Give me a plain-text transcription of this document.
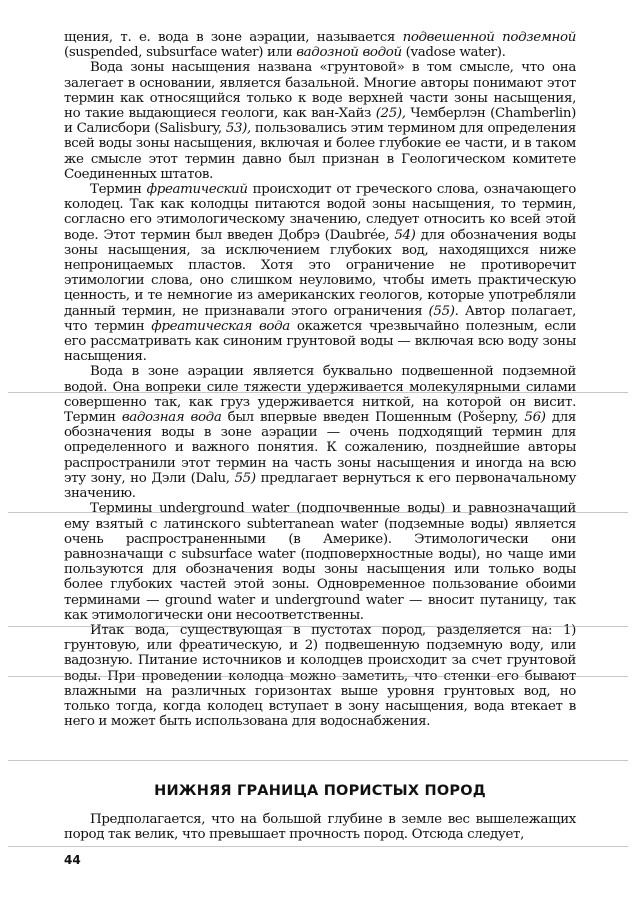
щения, т. е. вода в зоне аэрации, называется подвешенной подземной (suspended, subsurface water) или вадозной водой (vadose water).

Вода зоны насыщения названа «грунтовой» в том смысле, что она залегает в основании, является базальной. Многие авторы понимают этот термин как относящийся только к воде верхней части зоны насыщения, но такие выдающиеся геологи, как ван-Хайз (25), Чемберлэн (Chamberlin) и Салисбори (Salisbury, 53), пользовались этим термином для определения всей воды зоны насыщения, включая и более глубокие ее части, и в таком же смысле этот термин давно был признан в Геологическом комитете Соединенных штатов.

Термин фреатический происходит от греческого слова, означающего колодец. Так как колодцы питаются водой зоны насыщения, то термин, согласно его этимологическому значению, следует относить ко всей этой воде. Этот термин был введен Добрэ (Daubrée, 54) для обозначения воды зоны насыщения, за исключением глубоких вод, находящихся ниже непроницаемых пластов. Хотя это ограничение не противоречит этимологии слова, оно слишком неуловимо, чтобы иметь практическую ценность, и те немногие из американских геологов, которые употребляли данный термин, не признавали этого ограничения (55). Автор полагает, что термин фреатическая вода окажется чрезвычайно полезным, если его рассматривать как синоним грунтовой воды — включая всю воду зоны насыщения.

Вода в зоне аэрации является буквально подвешенной подземной водой. Она вопреки силе тяжести удерживается молекулярными силами совершенно так, как груз удерживается ниткой, на которой он висит. Термин вадозная вода был впервые введен Пошенным (Pošepny, 56) для обозначения воды в зоне аэрации — очень подходящий термин для определенного и важного понятия. К сожалению, позднейшие авторы распространили этот термин на часть зоны насыщения и иногда на всю эту зону, но Дэли (Dalu, 55) предлагает вернуться к его первоначальному значению.

Термины underground water (подпочвенные воды) и равнозначащий ему взятый с латинского subterranean water (подземные воды) является очень распространенными (в Америке). Этимологически они равнозначащи с subsurface water (подповерхностные воды), но чаще ими пользуются для обозначения воды зоны насыщения или только воды более глубоких частей этой зоны. Одновременное пользование обоими терминами — ground water и underground water — вносит путаницу, так как этимологически они несоответственны.

Итак вода, существующая в пустотах пород, разделяется на: 1) грунтовую, или фреатическую, и 2) подвешенную подземную воду, или вадозную. Питание источников и колодцев происходит за счет грунтовой воды. При проведении колодца можно заметить, что стенки его бывают влажными на различных горизонтах выше уровня грунтовых вод, но только тогда, когда колодец вступает в зону насыщения, вода втекает в него и может быть использована для водоснабжения.

НИЖНЯЯ ГРАНИЦА ПОРИСТЫХ ПОРОД

Предполагается, что на большой глубине в земле вес вышележащих пород так велик, что превышает прочность пород. Отсюда следует,

44
